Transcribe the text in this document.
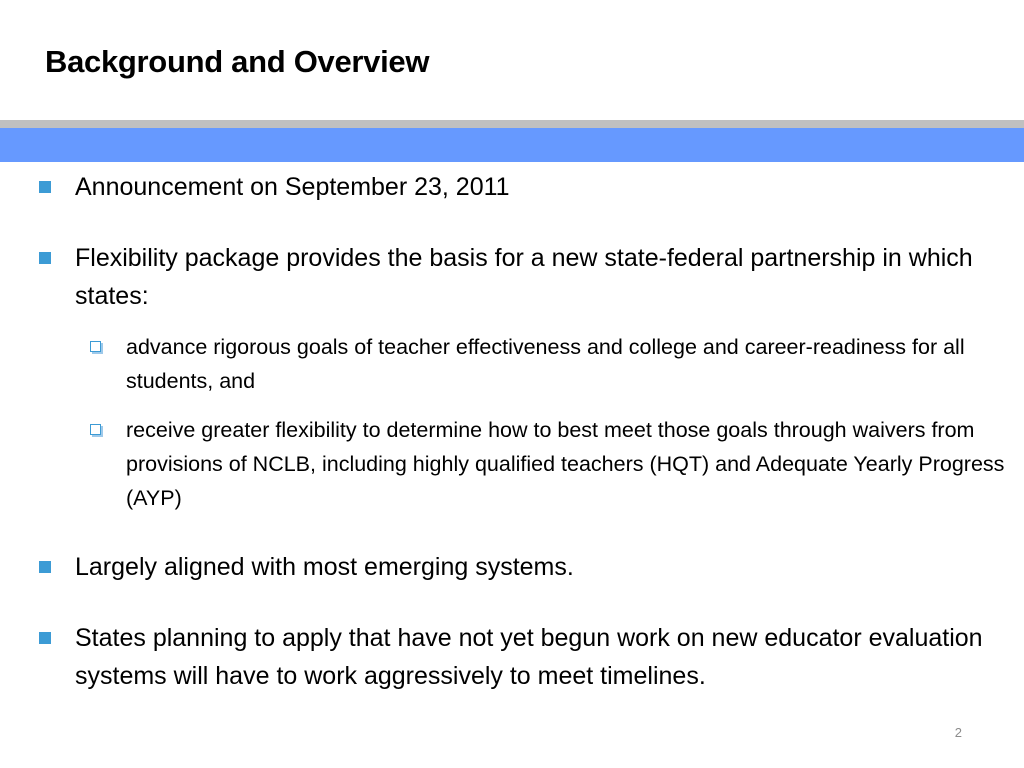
Background and Overview
Announcement on September 23, 2011
Flexibility package provides the basis for a new state-federal partnership in which states:
advance rigorous goals of teacher effectiveness and college and career-readiness for all students, and
receive greater flexibility to determine how to best meet those goals through waivers from provisions of NCLB, including highly qualified teachers (HQT) and Adequate Yearly Progress (AYP)
Largely aligned with most emerging systems.
States planning to apply that have not yet begun work on new educator evaluation systems will have to work aggressively to meet timelines.
2
